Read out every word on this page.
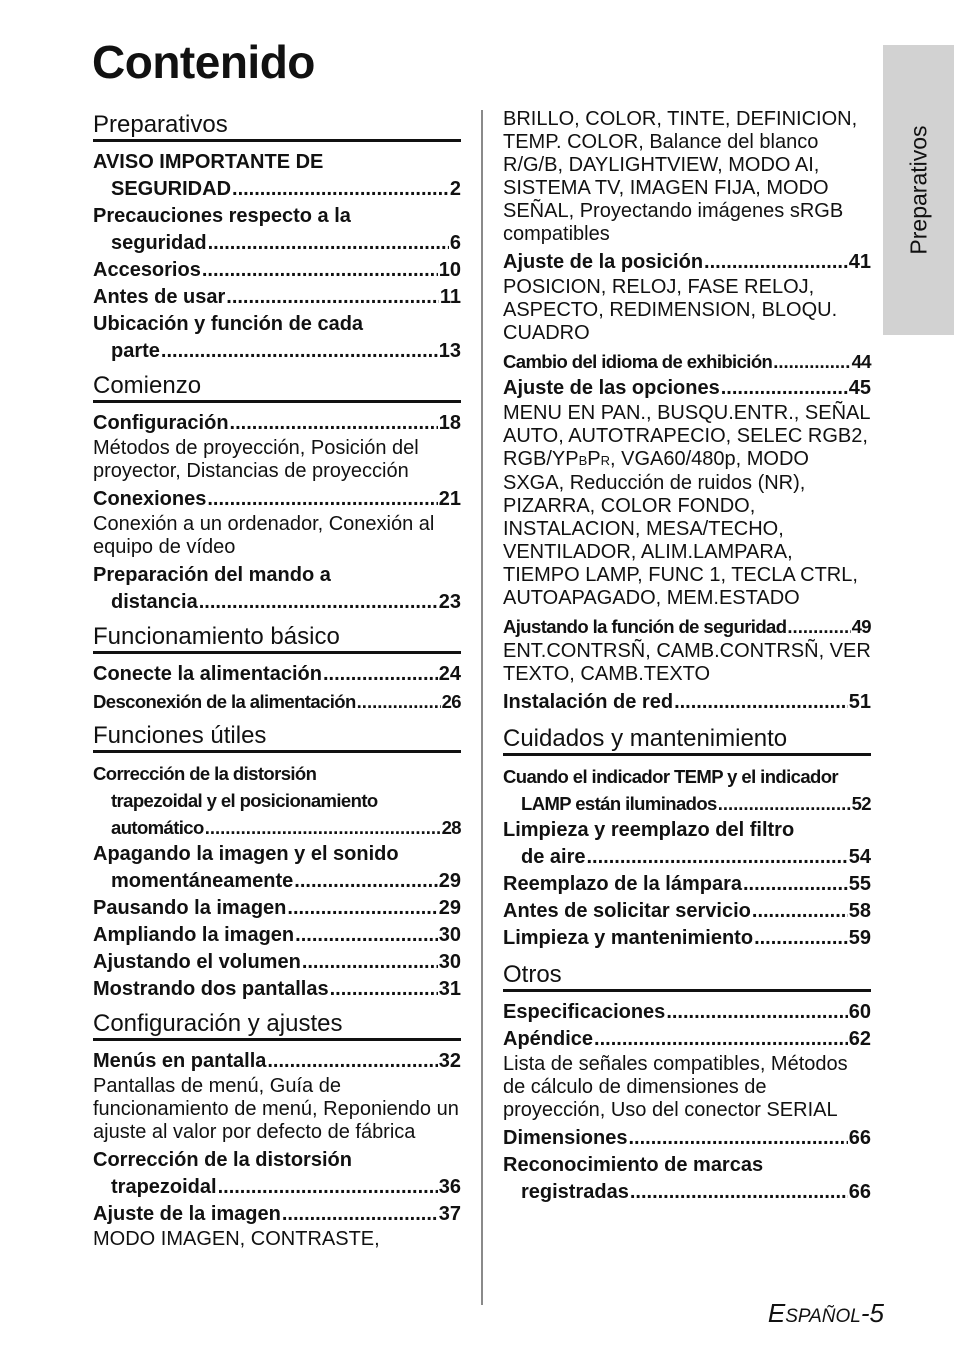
Contenido
Preparativos
Preparativos
AVISO IMPORTANTE DE
SEGURIDAD .....	2
Precauciones respecto a la
seguridad .....	6
Accesorios .....	10
Antes de usar .....	11
Ubicación y función de cada
parte .....	13
Comienzo
Configuración .....	18
Métodos de proyección, Posición del proyector, Distancias de proyección
Conexiones .....	21
Conexión a un ordenador, Conexión al equipo de vídeo
Preparación del mando a
distancia .....	23
Funcionamiento básico
Conecte la alimentación .....	24
Desconexión de la alimentación .....	26
Funciones útiles
Corrección de la distorsión
trapezoidal y el posicionamiento
automático .....	28
Apagando la imagen y el sonido
momentáneamente .....	29
Pausando la imagen .....	29
Ampliando la imagen .....	30
Ajustando el volumen .....	30
Mostrando dos pantallas .....	31
Configuración y ajustes
Menús en pantalla .....	32
Pantallas de menú, Guía de funcionamiento de menú, Reponiendo un ajuste al valor por defecto de fábrica
Corrección de la distorsión
trapezoidal .....	36
Ajuste de la imagen .....	37
MODO IMAGEN, CONTRASTE,
BRILLO, COLOR, TINTE, DEFINICION, TEMP. COLOR, Balance del blanco R/G/B, DAYLIGHTVIEW, MODO AI, SISTEMA TV, IMAGEN FIJA, MODO SEÑAL, Proyectando imágenes sRGB compatibles
Ajuste de la posición .....	41
POSICION, RELOJ, FASE RELOJ, ASPECTO, REDIMENSION, BLOQU. CUADRO
Cambio del idioma de exhibición .....	44
Ajuste de las opciones .....	45
MENU EN PAN., BUSQU.ENTR., SEÑAL AUTO, AUTOTRAPECIO, SELEC RGB2, RGB/YPBPR, VGA60/480p, MODO SXGA, Reducción de ruidos (NR), PIZARRA, COLOR FONDO, INSTALACION, MESA/TECHO, VENTILADOR, ALIM.LAMPARA, TIEMPO LAMP, FUNC 1, TECLA CTRL, AUTOAPAGADO, MEM.ESTADO
Ajustando la función de seguridad .....	49
ENT.CONTRSÑ, CAMB.CONTRSÑ, VER TEXTO, CAMB.TEXTO
Instalación de red .....	51
Cuidados y mantenimiento
Cuando el indicador TEMP y el indicador
LAMP están iluminados .....	52
Limpieza y reemplazo del filtro
de aire .....	54
Reemplazo de la lámpara .....	55
Antes de solicitar servicio .....	58
Limpieza y mantenimiento .....	59
Otros
Especificaciones .....	60
Apéndice .....	62
Lista de señales compatibles, Métodos de cálculo de dimensiones de proyección, Uso del conector SERIAL
Dimensiones .....	66
Reconocimiento de marcas
registradas .....	66
ESPAÑOL-5
